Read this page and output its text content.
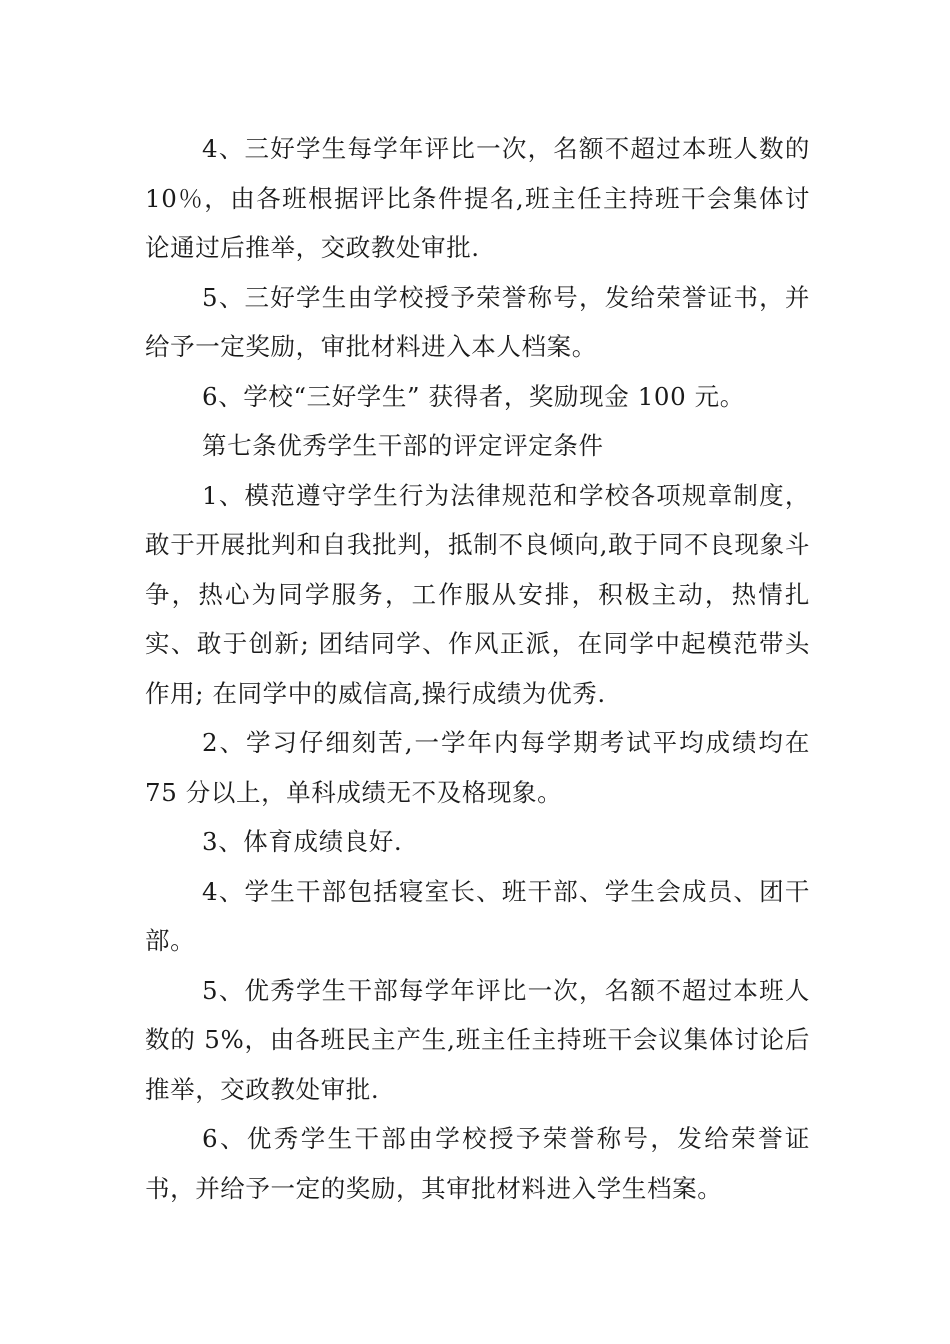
4、三好学生每学年评比一次，名额不超过本班人数的10％，由各班根据评比条件提名,班主任主持班干会集体讨论通过后推举，交政教处审批.

5、三好学生由学校授予荣誉称号，发给荣誉证书，并给予一定奖励，审批材料进入本人档案。

6、学校“三好学生” 获得者，奖励现金 100 元。

第七条优秀学生干部的评定评定条件

1、模范遵守学生行为法律规范和学校各项规章制度，敢于开展批判和自我批判，抵制不良倾向,敢于同不良现象斗争，热心为同学服务，工作服从安排，积极主动，热情扎实、敢于创新; 团结同学、作风正派，在同学中起模范带头作用; 在同学中的威信高,操行成绩为优秀.

2、学习仔细刻苦,一学年内每学期考试平均成绩均在75 分以上，单科成绩无不及格现象。

3、体育成绩良好.

4、学生干部包括寝室长、班干部、学生会成员、团干部。

5、优秀学生干部每学年评比一次，名额不超过本班人数的 5%，由各班民主产生,班主任主持班干会议集体讨论后推举，交政教处审批.

6、优秀学生干部由学校授予荣誉称号，发给荣誉证书，并给予一定的奖励，其审批材料进入学生档案。
